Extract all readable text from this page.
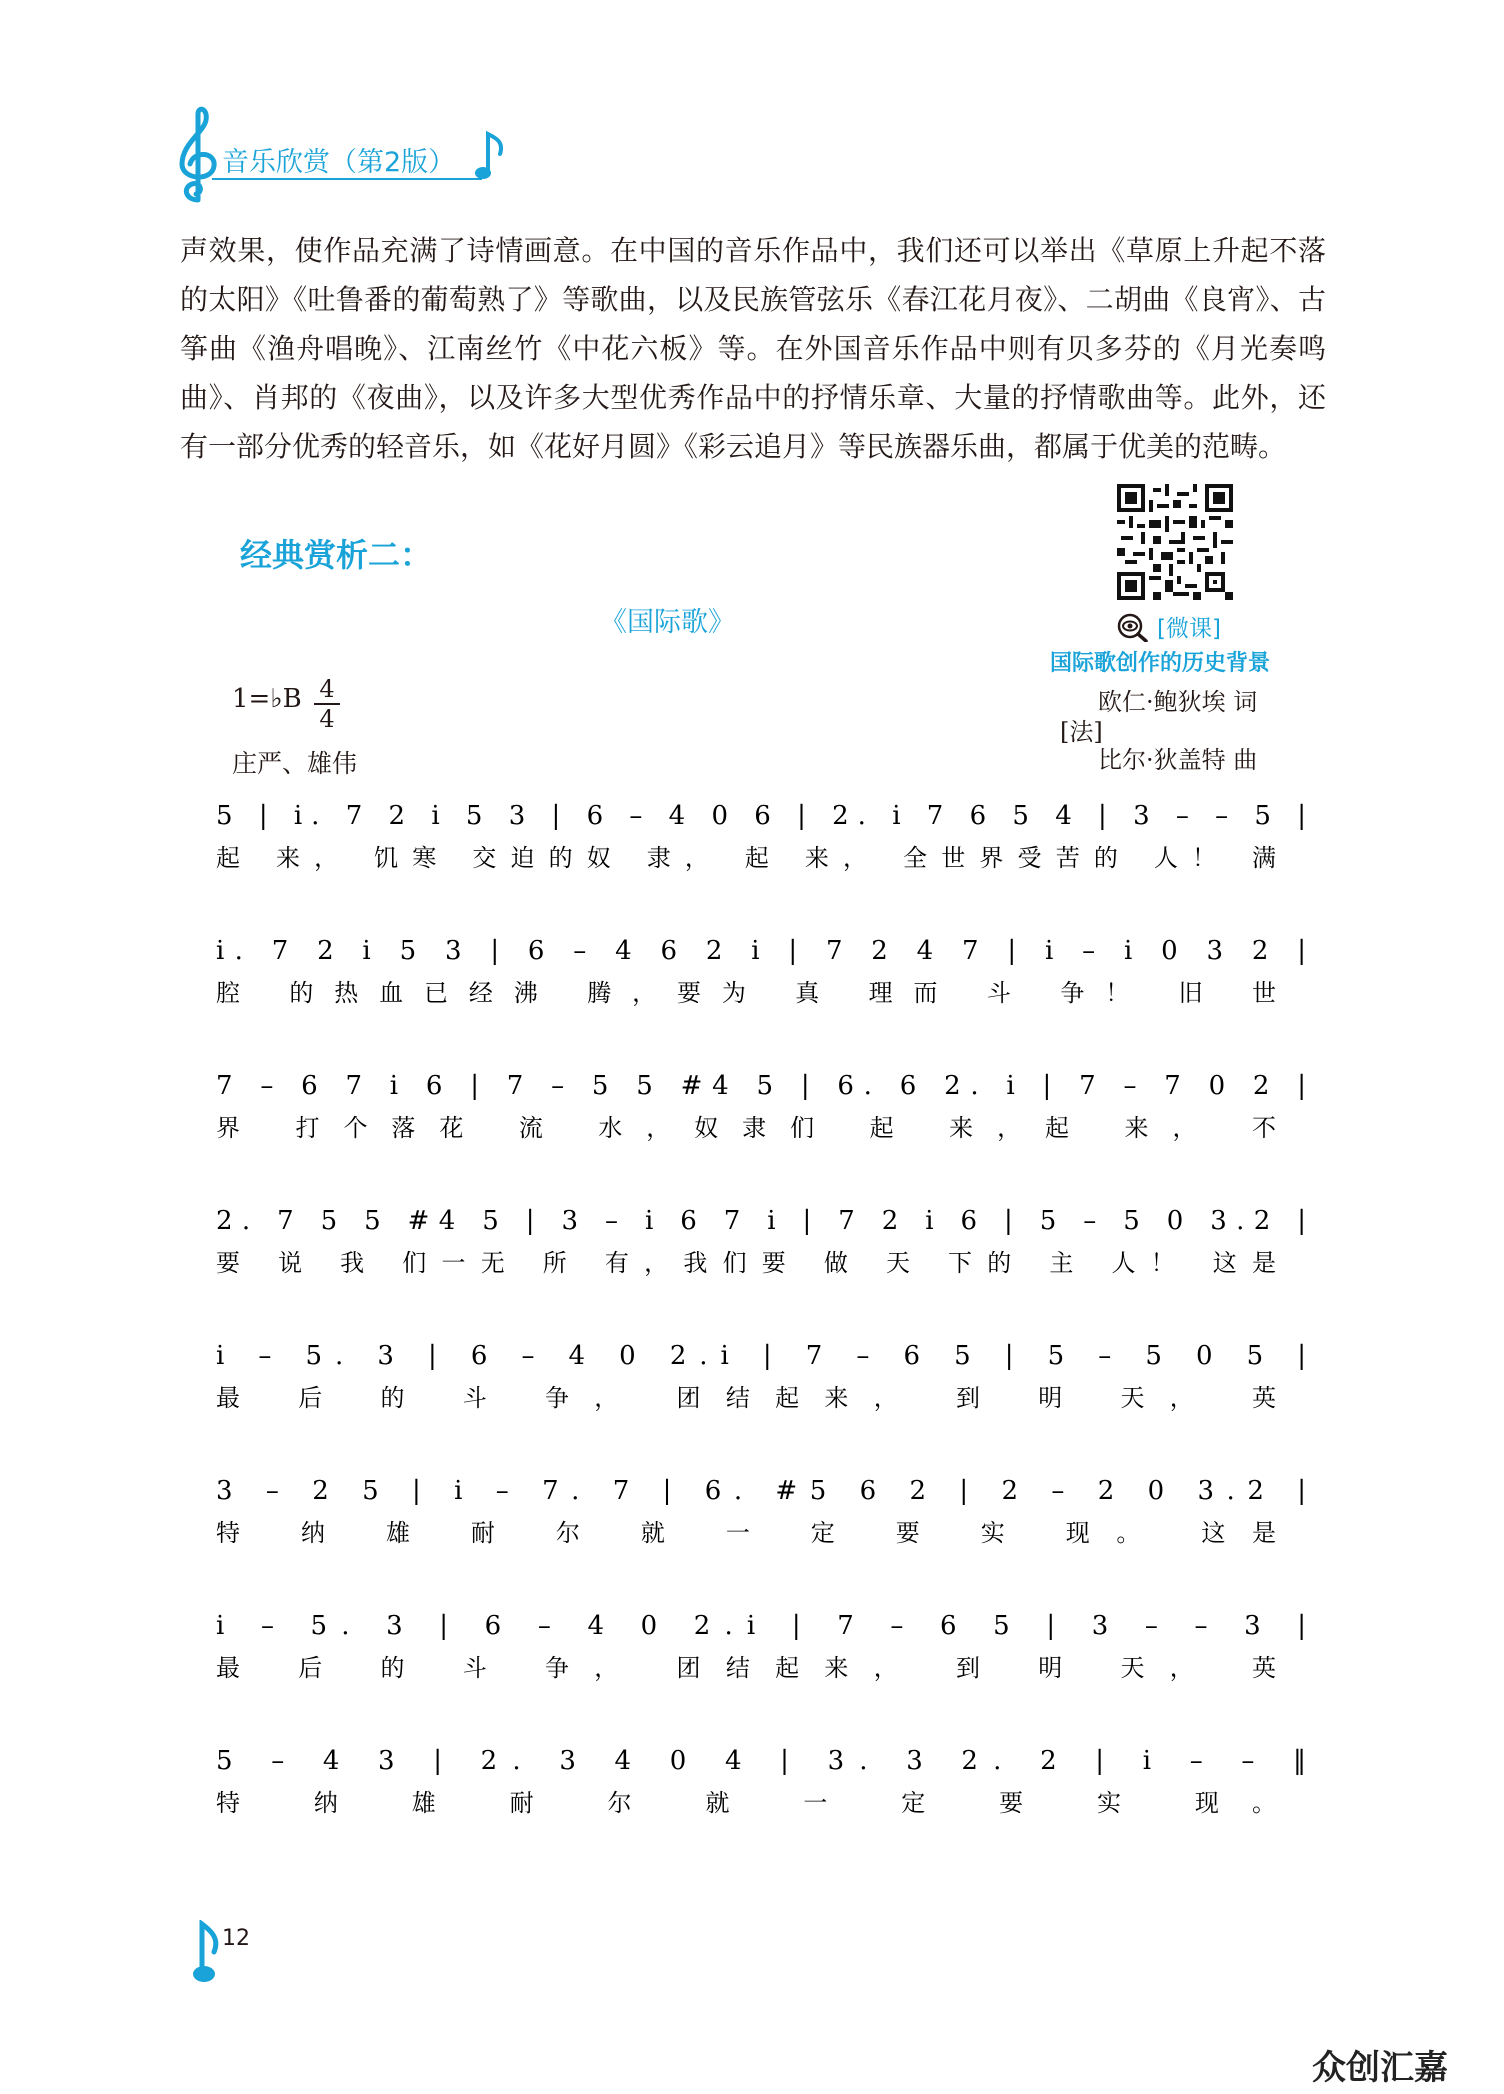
音乐欣赏（第2版）

声效果，使作品充满了诗情画意。在中国的音乐作品中，我们还可以举出《草原上升起不落的太阳》《吐鲁番的葡萄熟了》等歌曲，以及民族管弦乐《春江花月夜》、二胡曲《良宵》、古筝曲《渔舟唱晚》、江南丝竹《中花六板》等。在外国音乐作品中则有贝多芬的《月光奏鸣曲》、肖邦的《夜曲》，以及许多大型优秀作品中的抒情乐章、大量的抒情歌曲等。此外，还有一部分优秀的轻音乐，如《花好月圆》《彩云追月》等民族器乐曲，都属于优美的范畴。

经典赏析二：
[微课]
国际歌创作的历史背景
《国际歌》
欧仁·鲍狄埃 词
[法]
比尔·狄盖特 曲
1=♭B 4
4
庄严、雄伟
5 | i. 7 2 i 5 3 | 6 – 4 0 6 | 2. i 7 6 5 4 | 3 – – 5 |
起 来， 饥寒 交迫的奴 隶， 起 来， 全世界受苦的 人！ 满
i. 7 2 i 5 3 | 6 – 4 6 2 i | 7 2 4 7 | i – i 0 3 2 |
腔 的热血已经沸 腾，要为 真 理而 斗 争！ 旧 世
7 – 6 7 i 6 | 7 – 5 5 #4 5 | 6. 6 2. i | 7 – 7 0 2 |
界 打个落花 流 水，奴隶们 起 来，起 来， 不
2. 7 5 5 #4 5 | 3 – i 6 7 i | 7 2 i 6 | 5 – 5 0 3.2 |
要 说 我 们一无 所 有，我们要 做 天 下的 主 人！ 这是
i – 5. 3 | 6 – 4 0 2.i | 7 – 6 5 | 5 – 5 0 5 |
最 后 的 斗 争， 团结起来， 到 明 天， 英
3 – 2 5 | i – 7. 7 | 6. #5 6 2 | 2 – 2 0 3.2 |
特 纳 雄 耐 尔 就 一 定 要 实 现。 这是
i – 5. 3 | 6 – 4 0 2.i | 7 – 6 5 | 3 – – 3 |
最 后 的 斗 争， 团结起来， 到 明 天， 英
5 – 4 3 | 2. 3 4 0 4 | 3. 3 2. 2 | i – – ‖
特 纳 雄 耐 尔 就 一 定 要 实 现。
12
众创汇嘉
